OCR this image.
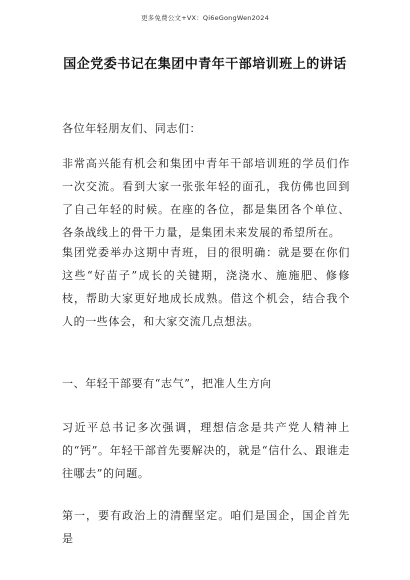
更多免费公文+VX：Qi6eGongWen2024
国企党委书记在集团中青年干部培训班上的讲话

各位年轻朋友们、同志们：

非常高兴能有机会和集团中青年干部培训班的学员们作一次交流。看到大家一张张年轻的面孔，我仿佛也回到了自己年轻的时候。在座的各位，都是集团各个单位、各条战线上的骨干力量，是集团未来发展的希望所在。

集团党委举办这期中青班，目的很明确：就是要在你们这些“好苗子”成长的关键期，浇浇水、施施肥、修修枝，帮助大家更好地成长成熟。借这个机会，结合我个人的一些体会，和大家交流几点想法。

一、年轻干部要有“志气”，把准人生方向

习近平总书记多次强调，理想信念是共产党人精神上的“钙”。年轻干部首先要解决的，就是“信什么、跟谁走往哪去”的问题。

第一，要有政治上的清醒坚定。咱们是国企，国企首先是
